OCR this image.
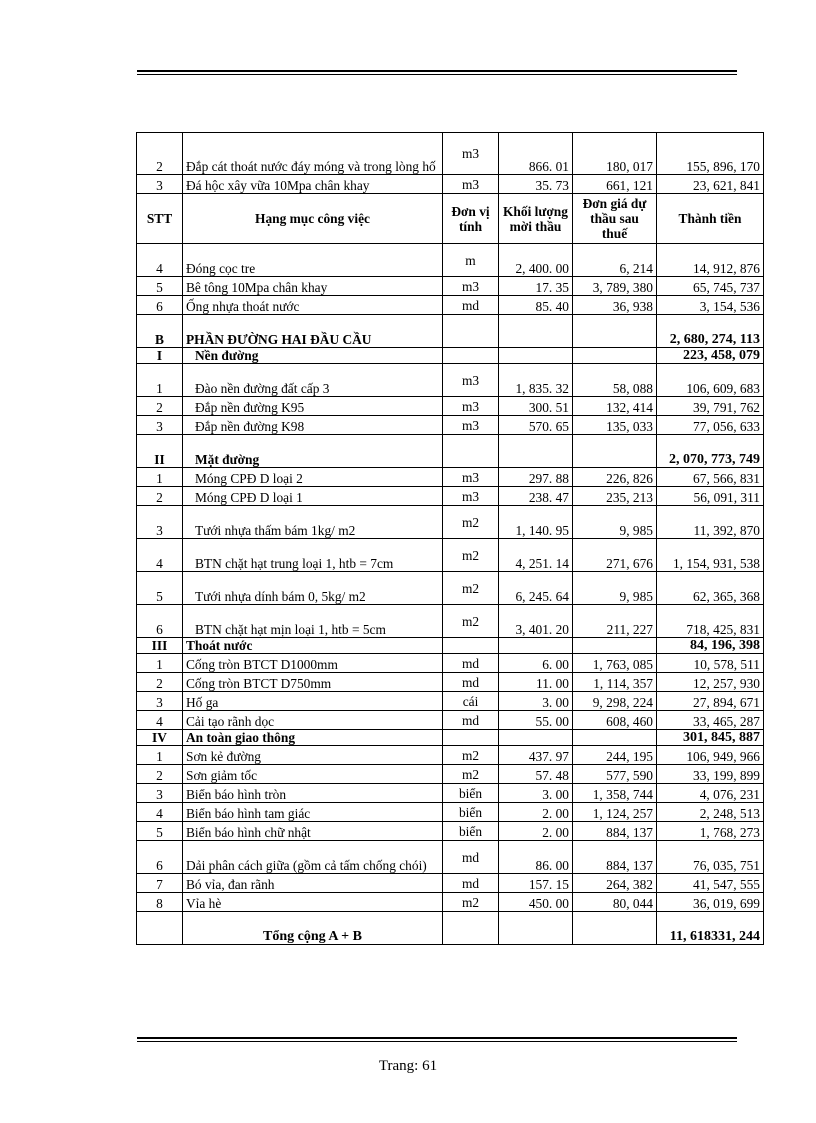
2	Đắp cát thoát nước đáy móng và trong lòng hố	m3	866. 01	180, 017	155, 896, 170
3	Đá hộc xây vữa 10Mpa chân khay	m3	35. 73	661, 121	23, 621, 841
STT	Hạng mục công việc	Đơn vị tính	Khối lượng mời thầu	Đơn giá dự thầu sau thuế	Thành tiền
4	Đóng cọc tre	m	2, 400. 00	6, 214	14, 912, 876
5	Bê tông 10Mpa chân khay	m3	17. 35	3, 789, 380	65, 745, 737
6	Ống nhựa thoát nước	md	85. 40	36, 938	3, 154, 536
B	PHẦN ĐƯỜNG HAI ĐẦU CẦU				2, 680, 274, 113
I	Nền đường				223, 458, 079
1	Đào nền đường đất cấp 3	m3	1, 835. 32	58, 088	106, 609, 683
2	Đắp nền đường K95	m3	300. 51	132, 414	39, 791, 762
3	Đắp nền đường K98	m3	570. 65	135, 033	77, 056, 633
II	Mặt đường				2, 070, 773, 749
1	Móng CPĐ D loại 2	m3	297. 88	226, 826	67, 566, 831
2	Móng CPĐ D loại 1	m3	238. 47	235, 213	56, 091, 311
3	Tưới nhựa thấm bám 1kg/ m2	m2	1, 140. 95	9, 985	11, 392, 870
4	BTN chặt hạt trung loại 1, htb = 7cm	m2	4, 251. 14	271, 676	1, 154, 931, 538
5	Tưới nhựa dính bám 0, 5kg/ m2	m2	6, 245. 64	9, 985	62, 365, 368
6	BTN chặt hạt mịn loại 1, htb = 5cm	m2	3, 401. 20	211, 227	718, 425, 831
III	Thoát nước				84, 196, 398
1	Cống tròn BTCT D1000mm	md	6. 00	1, 763, 085	10, 578, 511
2	Cống tròn BTCT D750mm	md	11. 00	1, 114, 357	12, 257, 930
3	Hố ga	cái	3. 00	9, 298, 224	27, 894, 671
4	Cải tạo rãnh dọc	md	55. 00	608, 460	33, 465, 287
IV	An toàn giao thông				301, 845, 887
1	Sơn kẻ đường	m2	437. 97	244, 195	106, 949, 966
2	Sơn giảm tốc	m2	57. 48	577, 590	33, 199, 899
3	Biển báo hình tròn	biển	3. 00	1, 358, 744	4, 076, 231
4	Biển báo hình tam giác	biển	2. 00	1, 124, 257	2, 248, 513
5	Biển báo hình chữ nhật	biển	2. 00	884, 137	1, 768, 273
6	Dải phân cách giữa (gồm cả tấm chống chói)	md	86. 00	884, 137	76, 035, 751
7	Bó vỉa, đan rãnh	md	157. 15	264, 382	41, 547, 555
8	Vỉa hè	m2	450. 00	80, 044	36, 019, 699
	Tổng cộng A + B				11, 618331, 244
Trang: 61
